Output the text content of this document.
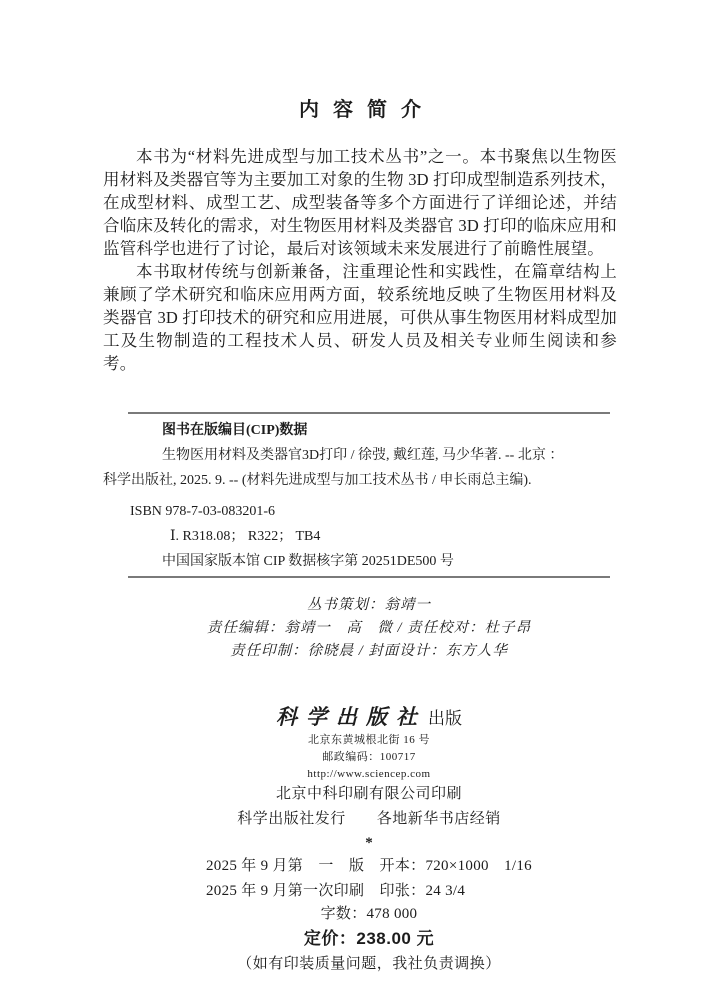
内容简介

本书为“材料先进成型与加工技术丛书”之一。本书聚焦以生物医用材料及类器官等为主要加工对象的生物 3D 打印成型制造系列技术，在成型材料、成型工艺、成型装备等多个方面进行了详细论述，并结合临床及转化的需求，对生物医用材料及类器官 3D 打印的临床应用和监管科学也进行了讨论，最后对该领域未来发展进行了前瞻性展望。

本书取材传统与创新兼备，注重理论性和实践性，在篇章结构上兼顾了学术研究和临床应用两方面，较系统地反映了生物医用材料及类器官 3D 打印技术的研究和应用进展，可供从事生物医用材料成型加工及生物制造的工程技术人员、研发人员及相关专业师生阅读和参考。

图书在版编目(CIP)数据

生物医用材料及类器官3D打印 / 徐弢, 戴红莲, 马少华著. -- 北京 ：

科学出版社, 2025. 9. -- (材料先进成型与加工技术丛书 / 申长雨总主编).

ISBN 978-7-03-083201-6

Ⅰ. R318.08； R322； TB4

中国国家版本馆 CIP 数据核字第 20251DE500 号

丛书策划：翁靖一

责任编辑：翁靖一　高　微 / 责任校对：杜子昂

责任印制：徐晓晨 / 封面设计：东方人华

科学出版社 出版

北京东黄城根北街 16 号

邮政编码：100717

http://www.sciencep.com

北京中科印刷有限公司印刷

科学出版社发行　　各地新华书店经销

*

2025 年 9 月第　一　版　开本：720×1000　1/16

2025 年 9 月第一次印刷　印张：24 3/4

字数：478 000

定价：238.00 元

（如有印装质量问题，我社负责调换）
